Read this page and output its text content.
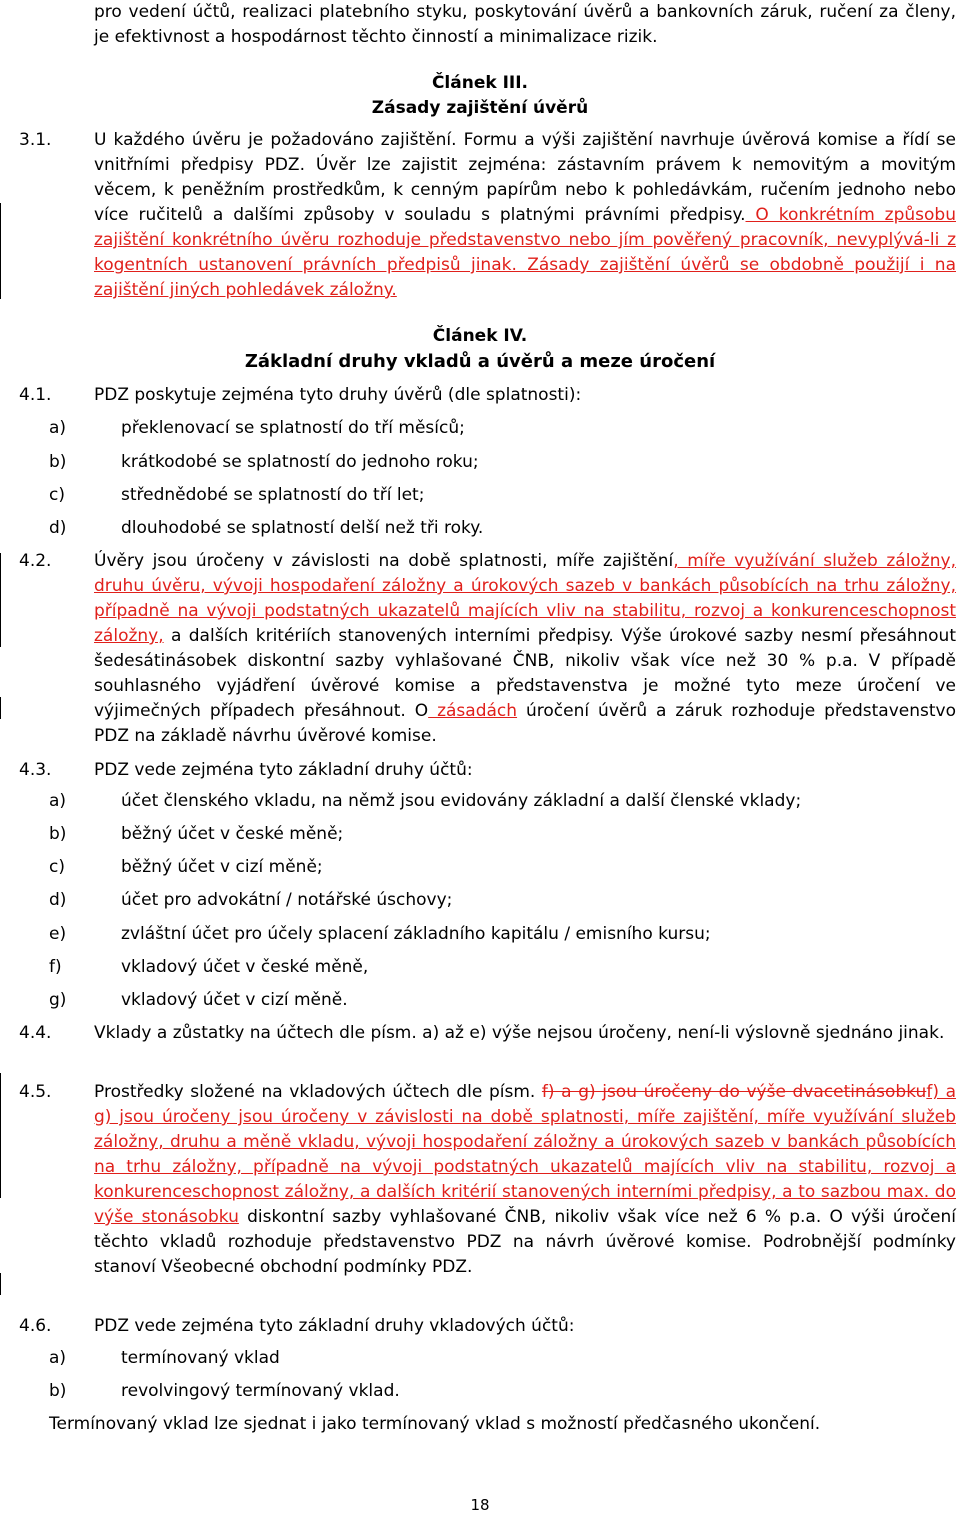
pro vedení účtů, realizaci platebního styku, poskytování úvěrů a bankovních záruk, ručení za členy, je efektivnost a hospodárnost těchto činností a minimalizace rizik.
Článek III.
Zásady zajištění úvěrů
3.1.	U každého úvěru je požadováno zajištění. Formu a výši zajištění navrhuje úvěrová komise a řídí se vnitřními předpisy PDZ. Úvěr lze zajistit zejména: zástavním právem k nemovitým a movitým věcem, k peněžním prostředkům, k cenným papírům nebo k pohledávkám, ručením jednoho nebo více ručitelů a dalšími způsoby v souladu s platnými právními předpisy. O konkrétním způsobu zajištění konkrétního úvěru rozhoduje představenstvo nebo jím pověřený pracovník, nevyplývá-li z kogentních ustanovení právních předpisů jinak. Zásady zajištění úvěrů se obdobně použijí i na zajištění jiných pohledávek záložny.
Článek IV.
Základní druhy vkladů a úvěrů a meze úročení
4.1.	PDZ poskytuje zejména tyto druhy úvěrů (dle splatnosti):
a)	překlenovací se splatností do tří měsíců;
b)	krátkodobé se splatností do jednoho roku;
c)	střednědobé se splatností do tří let;
d)	dlouhodobé se splatností delší než tři roky.
4.2.	Úvěry jsou úročeny v závislosti na době splatnosti, míře zajištění, míře využívání služeb záložny, druhu úvěru, vývoji hospodaření záložny a úrokových sazeb v bankách působících na trhu záložny, případně na vývoji podstatných ukazatelů majících vliv na stabilitu, rozvoj a konkurenceschopnost záložny, a dalších kritériích stanovených interními předpisy. Výše úrokové sazby nesmí přesáhnout šedesátinásobek diskontní sazby vyhlašované ČNB, nikoliv však více než 30 % p.a. V případě souhlasného vyjádření úvěrové komise a představenstva je možné tyto meze úročení ve výjimečných případech přesáhnout. O zásadách úročení úvěrů a záruk rozhoduje představenstvo PDZ na základě návrhu úvěrové komise.
4.3.	PDZ vede zejména tyto základní druhy účtů:
a)	účet členského vkladu, na němž jsou evidovány základní a další členské vklady;
b)	běžný účet v české měně;
c)	běžný účet v cizí měně;
d)	účet pro advokátní / notářské úschovy;
e)	zvláštní účet pro účely splacení základního kapitálu / emisního kursu;
f)	vkladový účet v české měně,
g)	vkladový účet v cizí měně.
4.4.	Vklady a zůstatky na účtech dle písm. a) až e) výše nejsou úročeny, není-li výslovně sjednáno jinak.
4.5.	Prostředky složené na vkladových účtech dle písm. f) a g) jsou úročeny do výše dvacetinásobkuf) a g) jsou úročeny jsou úročeny v závislosti na době splatnosti, míře zajištění, míře využívání služeb záložny, druhu a měně vkladu, vývoji hospodaření záložny a úrokových sazeb v bankách působících na trhu záložny, případně na vývoji podstatných ukazatelů majících vliv na stabilitu, rozvoj a konkurenceschopnost záložny, a dalších kritérií stanovených interními předpisy, a to sazbou max. do výše stonásobku diskontní sazby vyhlašované ČNB, nikoliv však více než 6 % p.a. O výši úročení těchto vkladů rozhoduje představenstvo PDZ na návrh úvěrové komise. Podrobnější podmínky stanoví Všeobecné obchodní podmínky PDZ.
4.6.	PDZ vede zejména tyto základní druhy vkladových účtů:
a)	termínovaný vklad
b)	revolvingový termínovaný vklad.
Termínovaný vklad lze sjednat i jako termínovaný vklad s možností předčasného ukončení.
18
